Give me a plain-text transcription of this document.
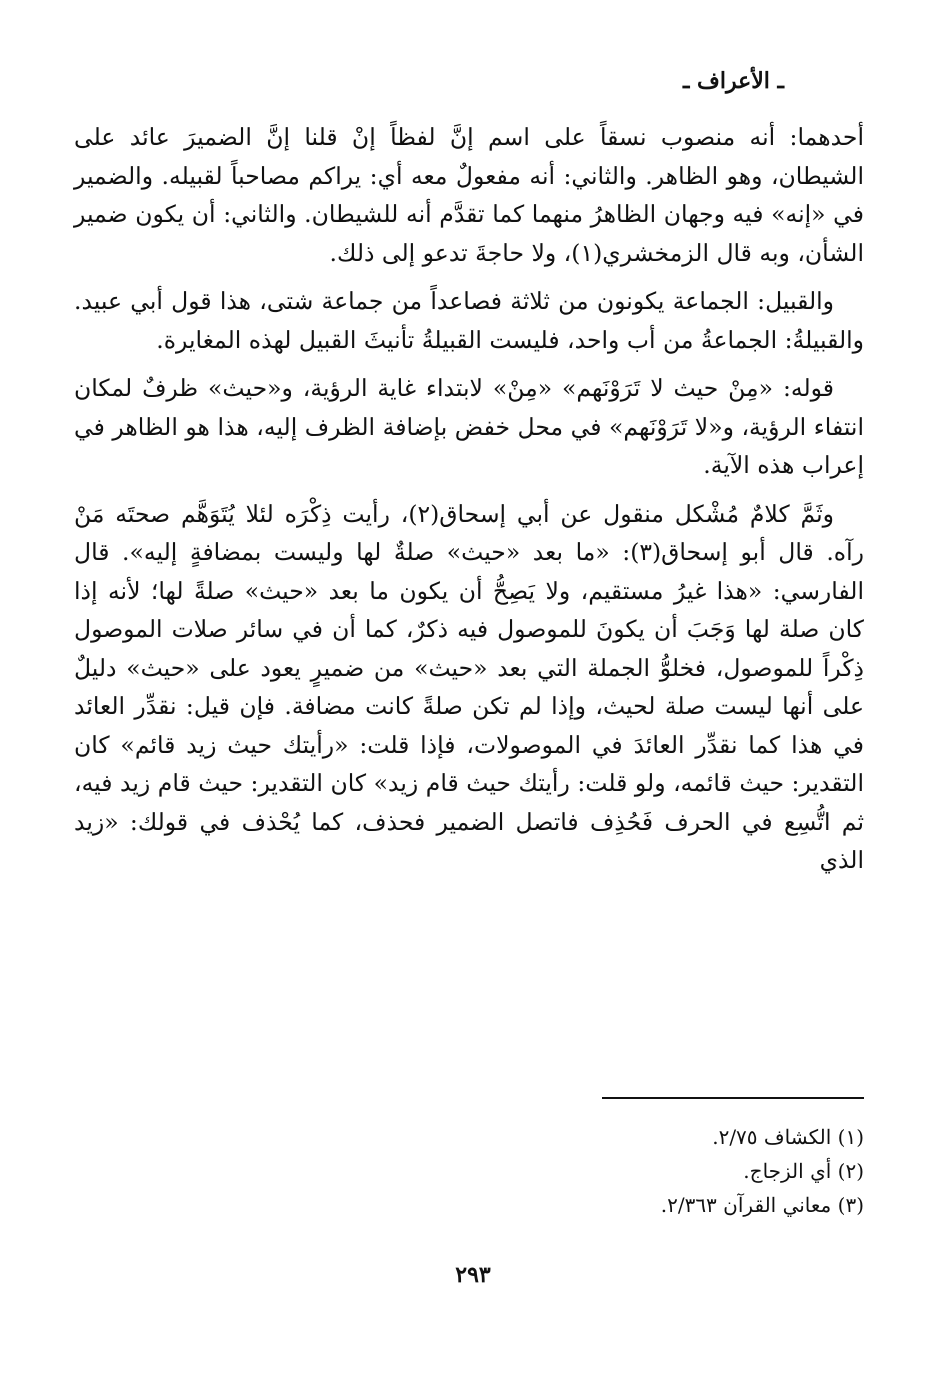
ـ الأعراف ـ

أحدهما: أنه منصوب نسقاً على اسم إنَّ لفظاً إنْ قلنا إنَّ الضميرَ عائد على الشيطان، وهو الظاهر. والثاني: أنه مفعولٌ معه أي: يراكم مصاحباً لقبيله. والضمير في «إنه» فيه وجهان الظاهرُ منهما كما تقدَّم أنه للشيطان. والثاني: أن يكون ضمير الشأن، وبه قال الزمخشري(١)، ولا حاجةَ تدعو إلى ذلك.

والقبيل: الجماعة يكونون من ثلاثة فصاعداً من جماعة شتى، هذا قول أبي عبيد. والقبيلةُ: الجماعةُ من أب واحد، فليست القبيلةُ تأنيثَ القبيل لهذه المغايرة.

قوله: «مِنْ حيث لا تَرَوْنَهم» «مِنْ» لابتداء غاية الرؤية، و«حيث» ظرفٌ لمكان انتفاء الرؤية، و«لا تَرَوْنَهم» في محل خفض بإضافة الظرف إليه، هذا هو الظاهر في إعراب هذه الآية.

وثَمَّ كلامٌ مُشْكل منقول عن أبي إسحاق(٢)، رأيت ذِكْرَه لئلا يُتَوَهَّم صحتَه مَنْ رآه. قال أبو إسحاق(٣): «ما بعد «حيث» صلةٌ لها وليست بمضافةٍ إليه». قال الفارسي: «هذا غيرُ مستقيم، ولا يَصِحُّ أن يكون ما بعد «حيث» صلةً لها؛ لأنه إذا كان صلة لها وَجَبَ أن يكونَ للموصول فيه ذكرٌ، كما أن في سائر صلات الموصول ذِكْراً للموصول، فخلوُّ الجملة التي بعد «حيث» من ضميرٍ يعود على «حيث» دليلٌ على أنها ليست صلة لحيث، وإذا لم تكن صلةً كانت مضافة. فإن قيل: نقدِّر العائد في هذا كما نقدِّر العائدَ في الموصولات، فإذا قلت: «رأيتك حيث زيد قائم» كان التقدير: حيث قائمه، ولو قلت: رأيتك حيث قام زيد» كان التقدير: حيث قام زيد فيه، ثم اتُّسِع في الحرف فَحُذِف فاتصل الضمير فحذف، كما يُحْذف في قولك: «زيد الذي

(١) الكشاف ٢/٧٥.
(٢) أي الزجاج.
(٣) معاني القرآن ٢/٣٦٣.
٢٩٣
